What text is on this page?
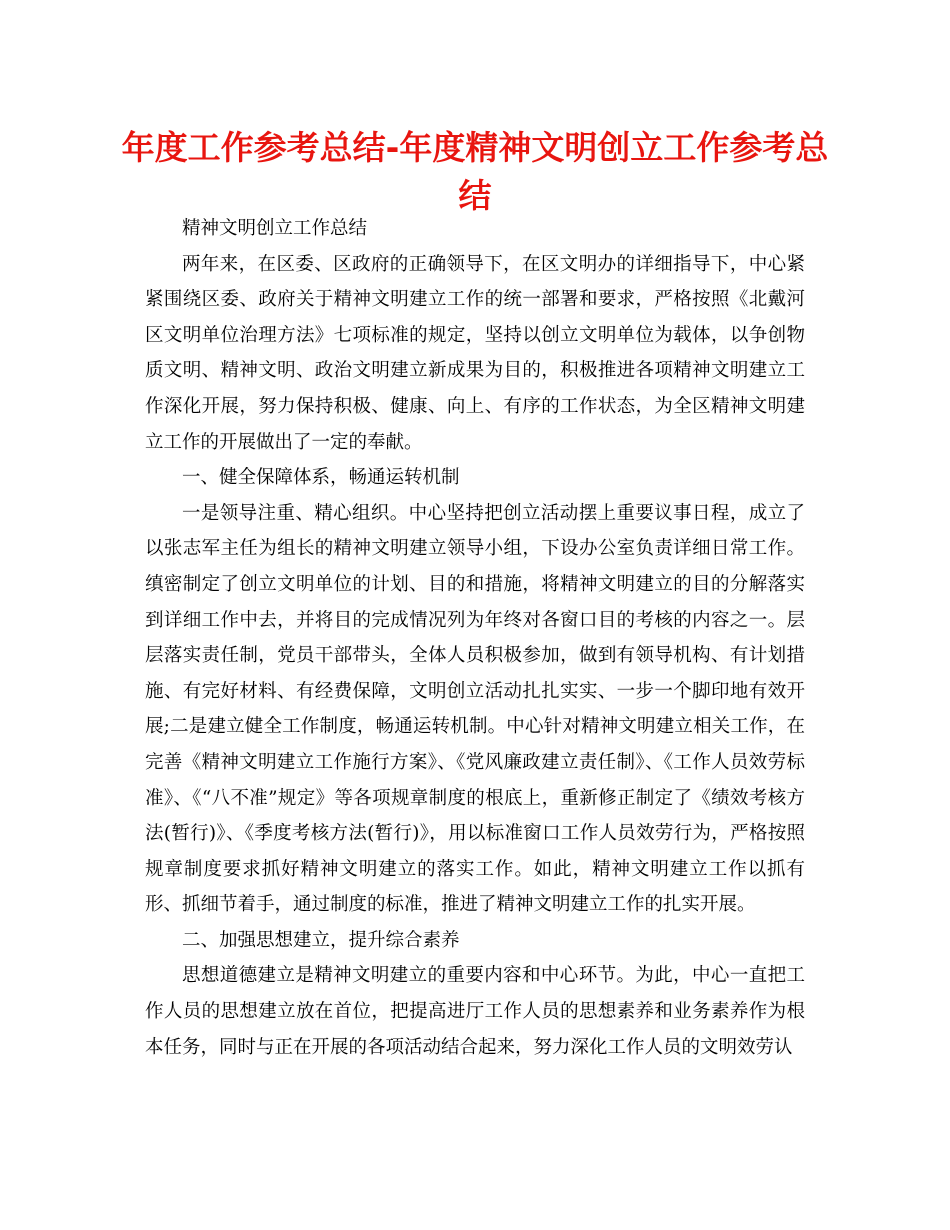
年度工作参考总结-年度精神文明创立工作参考总结

精神文明创立工作总结

两年来，在区委、区政府的正确领导下，在区文明办的详细指导下，中心紧紧围绕区委、政府关于精神文明建立工作的统一部署和要求，严格按照《北戴河区文明单位治理方法》七项标准的规定，坚持以创立文明单位为载体，以争创物质文明、精神文明、政治文明建立新成果为目的，积极推进各项精神文明建立工作深化开展，努力保持积极、健康、向上、有序的工作状态，为全区精神文明建立工作的开展做出了一定的奉献。

一、健全保障体系，畅通运转机制

一是领导注重、精心组织。中心坚持把创立活动摆上重要议事日程，成立了以张志军主任为组长的精神文明建立领导小组，下设办公室负责详细日常工作。缜密制定了创立文明单位的计划、目的和措施，将精神文明建立的目的分解落实到详细工作中去，并将目的完成情况列为年终对各窗口目的考核的内容之一。层层落实责任制，党员干部带头，全体人员积极参加，做到有领导机构、有计划措施、有完好材料、有经费保障，文明创立活动扎扎实实、一步一个脚印地有效开展;二是建立健全工作制度，畅通运转机制。中心针对精神文明建立相关工作，在完善《精神文明建立工作施行方案》、《党风廉政建立责任制》、《工作人员效劳标准》、《“八不准”规定》等各项规章制度的根底上，重新修正制定了《绩效考核方法(暂行)》、《季度考核方法(暂行)》，用以标准窗口工作人员效劳行为，严格按照规章制度要求抓好精神文明建立的落实工作。如此，精神文明建立工作以抓有形、抓细节着手，通过制度的标准，推进了精神文明建立工作的扎实开展。

二、加强思想建立，提升综合素养

思想道德建立是精神文明建立的重要内容和中心环节。为此，中心一直把工作人员的思想建立放在首位，把提高进厅工作人员的思想素养和业务素养作为根本任务，同时与正在开展的各项活动结合起来，努力深化工作人员的文明效劳认
